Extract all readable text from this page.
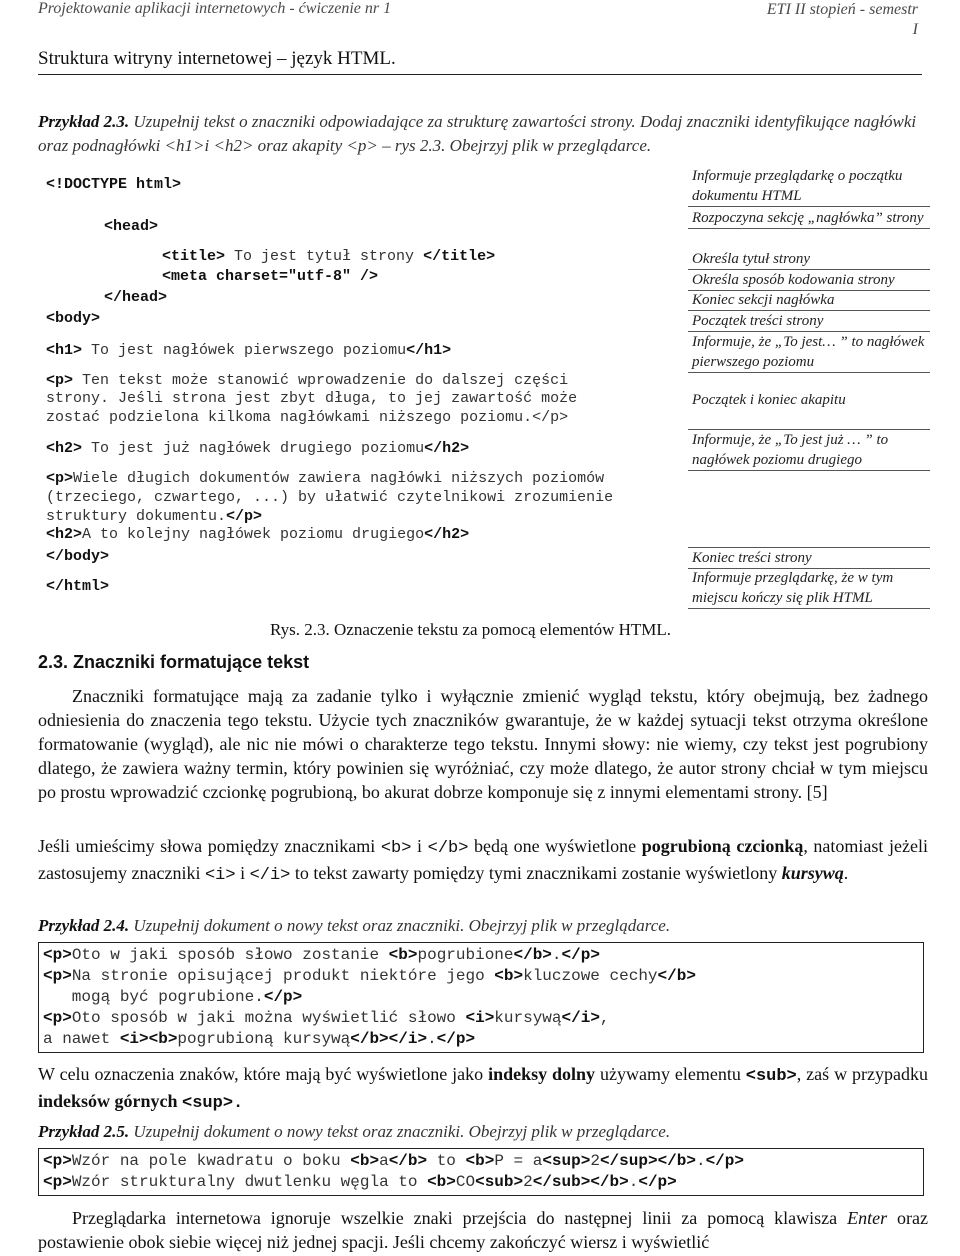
Projektowanie aplikacji internetowych - ćwiczenie nr 1	ETI II stopień - semestr
I
Struktura witryny internetowej – język HTML.
Przykład 2.3. Uzupełnij tekst o znaczniki odpowiadające za strukturę zawartości strony. Dodaj znaczniki identyfikujące nagłówki oraz podnagłówki <h1>i <h2> oraz akapity <p> – rys 2.3. Obejrzyj plik w przeglądarce.
<!DOCTYPE html>
<head>
<title> To jest tytuł strony </title>
<meta charset="utf-8" />
</head>
<body>
<h1> To jest nagłówek pierwszego poziomu</h1>
<p> Ten tekst może stanowić wprowadzenie do dalszej części
strony. Jeśli strona jest zbyt długa, to jej zawartość może
zostać podzielona kilkoma nagłówkami niższego poziomu.</p>
<h2> To jest już nagłówek drugiego poziomu</h2>
<p>Wiele długich dokumentów zawiera nagłówki niższych poziomów
(trzeciego, czwartego, ...) by ułatwić czytelnikowi zrozumienie
struktury dokumentu.</p>
<h2>A to kolejny nagłówek poziomu drugiego</h2>
</body>
</html>
Informuje przeglądarkę o początku dokumentu HTML
Rozpoczyna sekcję „nagłówka” strony
Określa tytuł strony
Określa sposób kodowania strony
Koniec sekcji nagłówka
Początek treści strony
Informuje, że „To jest… ” to nagłówek pierwszego poziomu
Początek i koniec akapitu
Informuje, że „To jest już … ” to nagłówek poziomu drugiego
Koniec treści strony
Informuje przeglądarkę, że w tym miejscu kończy się plik HTML
Rys. 2.3. Oznaczenie tekstu za pomocą elementów HTML.
2.3. Znaczniki formatujące tekst
Znaczniki formatujące mają za zadanie tylko i wyłącznie zmienić wygląd tekstu, który obejmują, bez żadnego odniesienia do znaczenia tego tekstu. Użycie tych znaczników gwarantuje, że w każdej sytuacji tekst otrzyma określone formatowanie (wygląd), ale nic nie mówi o charakterze tego tekstu. Innymi słowy: nie wiemy, czy tekst jest pogrubiony dlatego, że zawiera ważny termin, który powinien się wyróżniać, czy może dlatego, że autor strony chciał w tym miejscu po prostu wprowadzić czcionkę pogrubioną, bo akurat dobrze komponuje się z innymi elementami strony. [5]
Jeśli umieścimy słowa pomiędzy znacznikami <b> i </b> będą one wyświetlone pogrubioną czcionką, natomiast jeżeli zastosujemy znaczniki <i> i </i> to tekst zawarty pomiędzy tymi znacznikami zostanie wyświetlony kursywą.
Przykład 2.4. Uzupełnij dokument o nowy tekst oraz znaczniki. Obejrzyj plik w przeglądarce.
<p>Oto w jaki sposób słowo zostanie <b>pogrubione</b>.</p>
<p>Na stronie opisującej produkt niektóre jego <b>kluczowe cechy</b>
mogą być pogrubione.</p>
<p>Oto sposób w jaki można wyświetlić słowo <i>kursywą</i>,
a nawet <i><b>pogrubioną kursywą</b></i>.</p>
W celu oznaczenia znaków, które mają być wyświetlone jako indeksy dolny używamy elementu <sub>, zaś w przypadku indeksów górnych <sup>.
Przykład 2.5. Uzupełnij dokument o nowy tekst oraz znaczniki. Obejrzyj plik w przeglądarce.
<p>Wzór na pole kwadratu o boku <b>a</b> to <b>P = a<sup>2</sup></b>.</p>
<p>Wzór strukturalny dwutlenku węgla to <b>CO<sub>2</sub></b>.</p>
Przeglądarka internetowa ignoruje wszelkie znaki przejścia do następnej linii za pomocą klawisza Enter oraz postawienie obok siebie więcej niż jednej spacji. Jeśli chcemy zakończyć wiersz i wyświetlić
